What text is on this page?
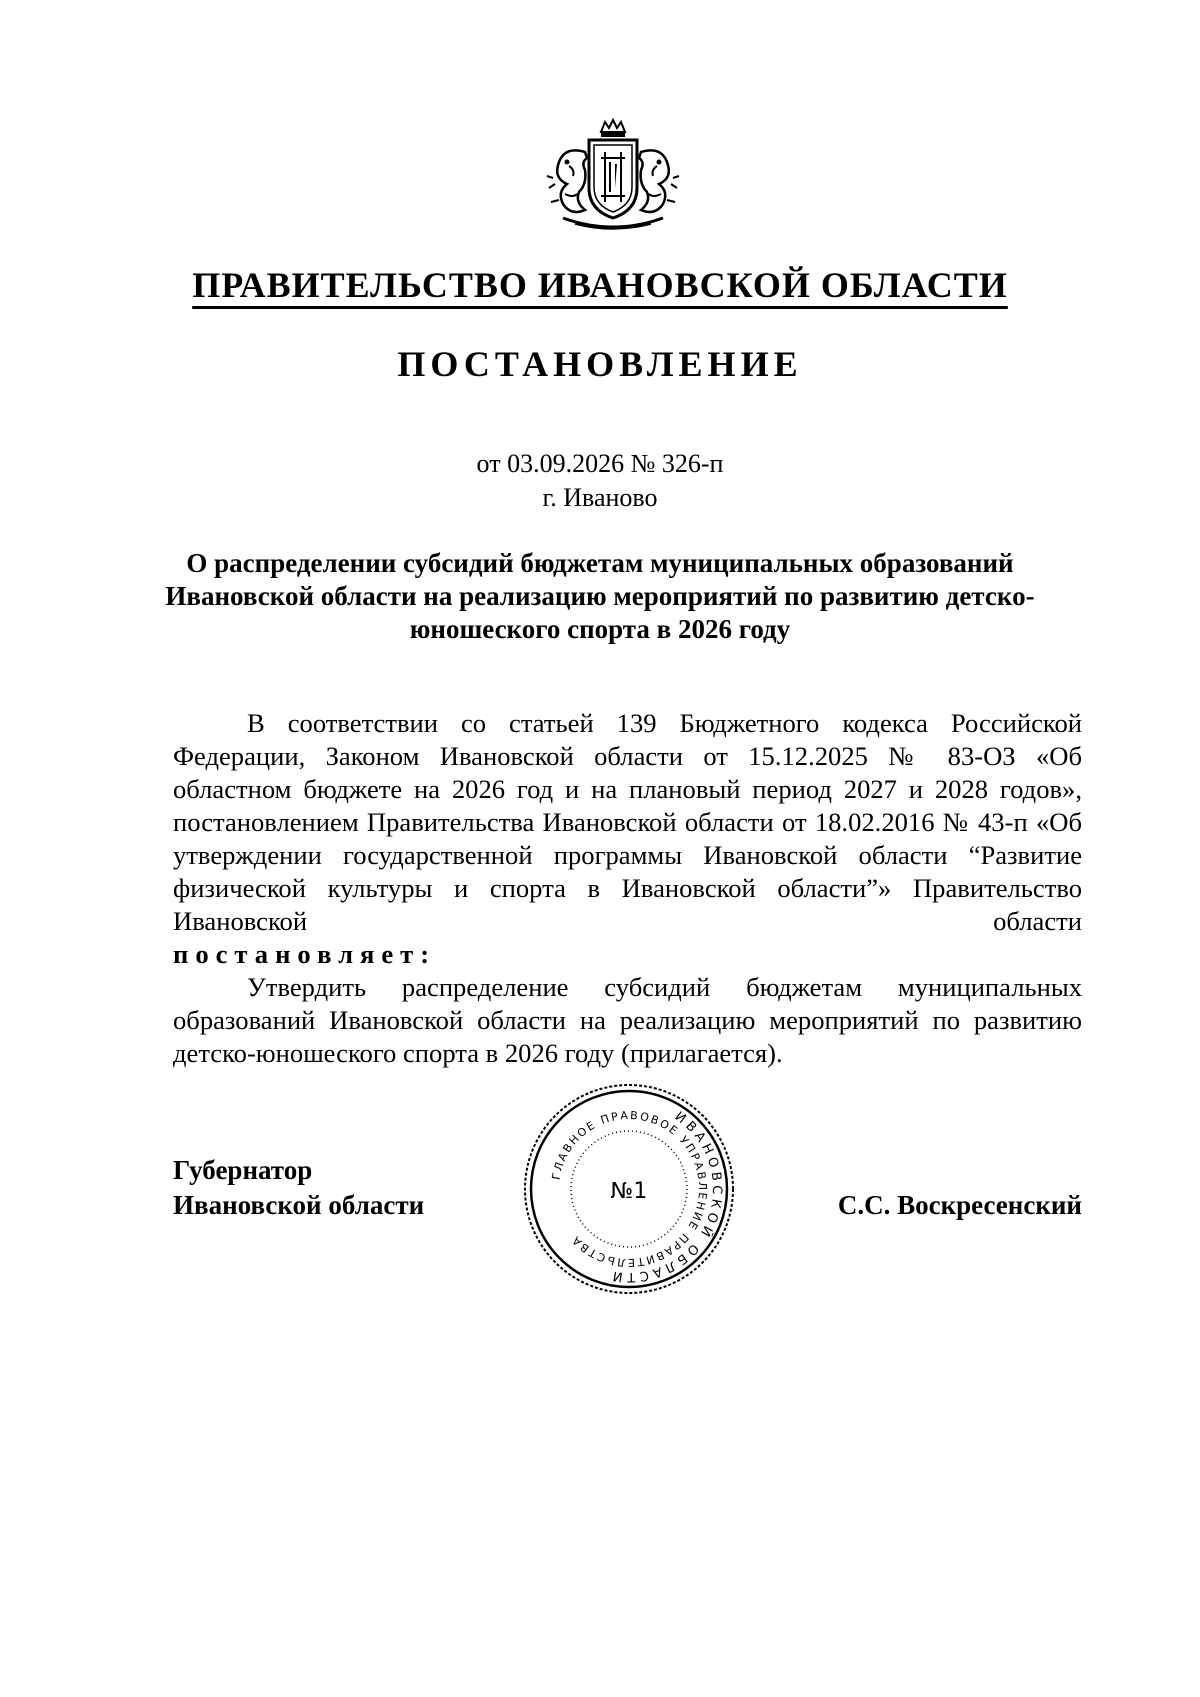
ПРАВИТЕЛЬСТВО ИВАНОВСКОЙ ОБЛАСТИ
ПОСТАНОВЛЕНИЕ
от 03.09.2026 № 326-п
г. Иваново
О распределении субсидий бюджетам муниципальных образований Ивановской области на реализацию мероприятий по развитию детско-юношеского спорта в 2026 году

В соответствии со статьей 139 Бюджетного кодекса Российской Федерации, Законом Ивановской области от 15.12.2025 № 83-ОЗ «Об областном бюджете на 2026 год и на плановый период 2027 и 2028 годов», постановлением Правительства Ивановской области от 18.02.2016 № 43-п «Об утверждении государственной программы Ивановской области “Развитие физической культуры и спорта в Ивановской области”» Правительство Ивановской области

постановляет:

Утвердить распределение субсидий бюджетам муниципальных образований Ивановской области на реализацию мероприятий по развитию детско-юношеского спорта в 2026 году (прилагается).

Губернатор
Ивановской области	С.С. Воскресенский
ИВАНОВСКОЙ ОБЛАСТИ
ГЛАВНОЕ ПРАВОВОЕ УПРАВЛЕНИЕ ПРАВИТЕЛЬСТВА
№1
